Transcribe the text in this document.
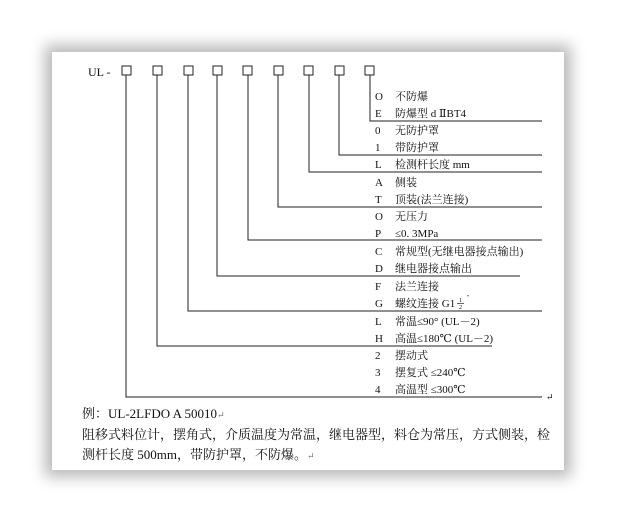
UL -
O
E
0
1
L
A
T
O
P
C
D
F
G
L
H
2
3
4
不防爆
防爆型 d ⅡBT4
无防护罩
带防护罩
检测杆长度 mm
侧装
顶装(法兰连接)
无压力
≤0. 3MPa
常规型(无继电器接点输出)
继电器接点输出
法兰连接
螺纹连接 G1
常温≤90° (UL－2)
高温≤180℃ (UL－2)
摆动式
摆复式 ≤240℃
高温型 ≤300℃
1
2
"
↵

例：UL-2LFDO A 50010↵

阻移式料位计，摆角式，介质温度为常温，继电器型，料仓为常压，方式侧装，检测杆长度 500mm，带防护罩，不防爆。↵
